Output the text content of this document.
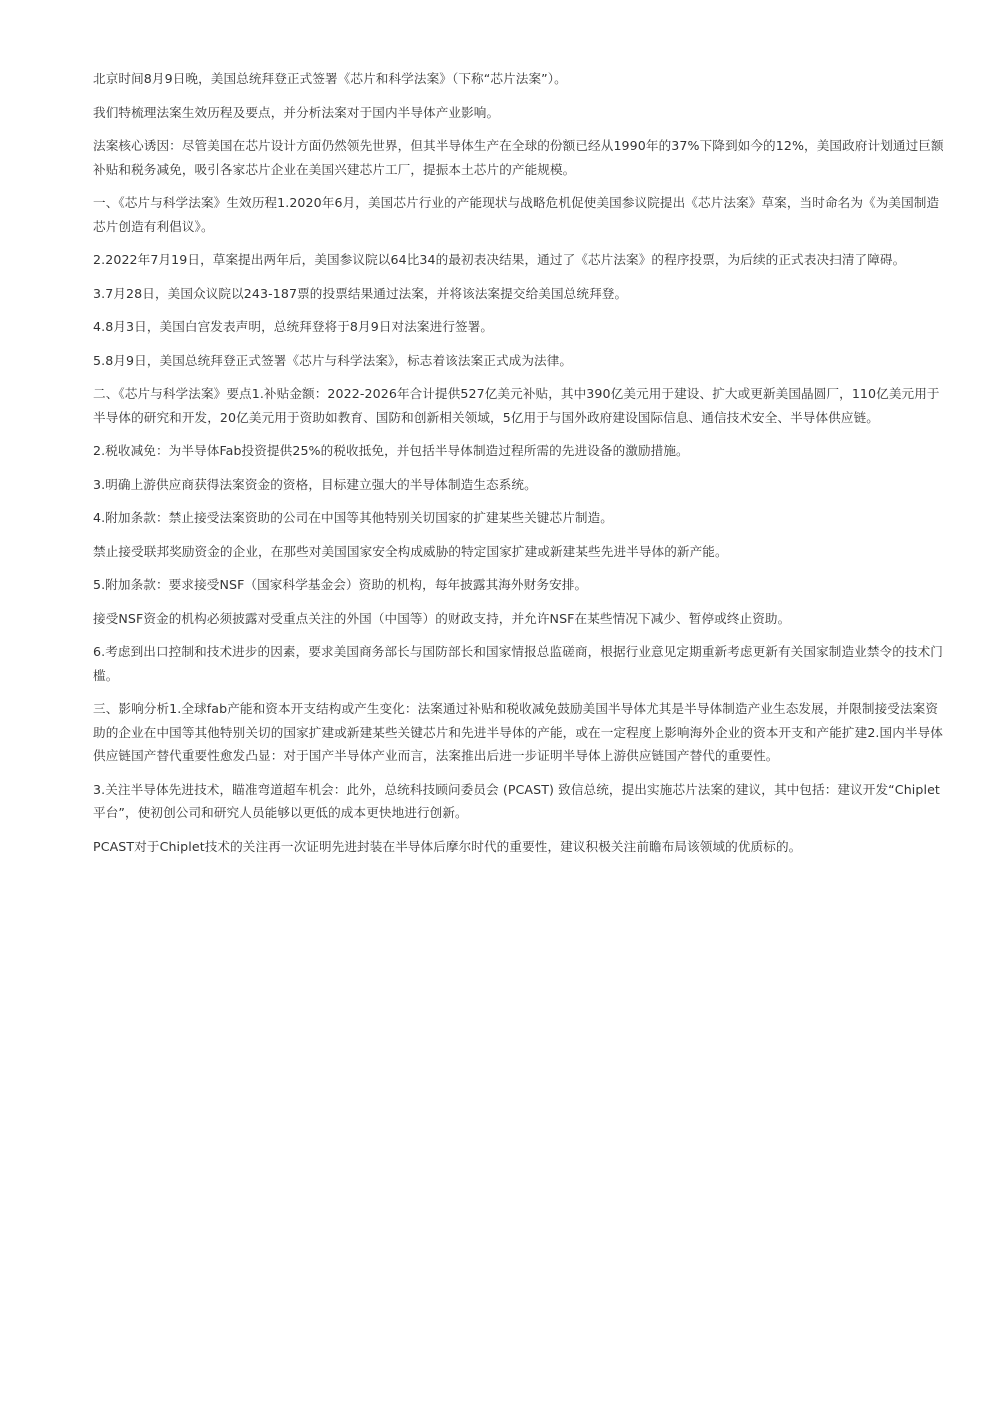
北京时间8月9日晚，美国总统拜登正式签署《芯片和科学法案》（下称“芯片法案”）。

我们特梳理法案生效历程及要点，并分析法案对于国内半导体产业影响。

法案核心诱因：尽管美国在芯片设计方面仍然领先世界，但其半导体生产在全球的份额已经从1990年的37%下降到如今的12%，美国政府计划通过巨额补贴和税务减免，吸引各家芯片企业在美国兴建芯片工厂，提振本土芯片的产能规模。

一、《芯片与科学法案》生效历程1.2020年6月，美国芯片行业的产能现状与战略危机促使美国参议院提出《芯片法案》草案，当时命名为《为美国制造芯片创造有利倡议》。

2.2022年7月19日，草案提出两年后，美国参议院以64比34的最初表决结果，通过了《芯片法案》的程序投票，为后续的正式表决扫清了障碍。

3.7月28日，美国众议院以243-187票的投票结果通过法案，并将该法案提交给美国总统拜登。

4.8月3日，美国白宫发表声明，总统拜登将于8月9日对法案进行签署。

5.8月9日，美国总统拜登正式签署《芯片与科学法案》，标志着该法案正式成为法律。

二、《芯片与科学法案》要点1.补贴金额：2022-2026年合计提供527亿美元补贴，其中390亿美元用于建设、扩大或更新美国晶圆厂，110亿美元用于半导体的研究和开发，20亿美元用于资助如教育、国防和创新相关领域，5亿用于与国外政府建设国际信息、通信技术安全、半导体供应链。

2.税收减免：为半导体Fab投资提供25%的税收抵免，并包括半导体制造过程所需的先进设备的激励措施。

3.明确上游供应商获得法案资金的资格，目标建立强大的半导体制造生态系统。

4.附加条款：禁止接受法案资助的公司在中国等其他特别关切国家的扩建某些关键芯片制造。

禁止接受联邦奖励资金的企业，在那些对美国国家安全构成威胁的特定国家扩建或新建某些先进半导体的新产能。

5.附加条款：要求接受NSF（国家科学基金会）资助的机构，每年披露其海外财务安排。

接受NSF资金的机构必须披露对受重点关注的外国（中国等）的财政支持，并允许NSF在某些情况下减少、暂停或终止资助。

6.考虑到出口控制和技术进步的因素，要求美国商务部长与国防部长和国家情报总监磋商，根据行业意见定期重新考虑更新有关国家制造业禁令的技术门槛。

三、影响分析1.全球fab产能和资本开支结构或产生变化：法案通过补贴和税收减免鼓励美国半导体尤其是半导体制造产业生态发展，并限制接受法案资助的企业在中国等其他特别关切的国家扩建或新建某些关键芯片和先进半导体的产能，或在一定程度上影响海外企业的资本开支和产能扩建2.国内半导体供应链国产替代重要性愈发凸显：对于国产半导体产业而言，法案推出后进一步证明半导体上游供应链国产替代的重要性。

3.关注半导体先进技术，瞄准弯道超车机会：此外，总统科技顾问委员会 (PCAST) 致信总统，提出实施芯片法案的建议，其中包括：建议开发“Chiplet平台”，使初创公司和研究人员能够以更低的成本更快地进行创新。

PCAST对于Chiplet技术的关注再一次证明先进封装在半导体后摩尔时代的重要性，建议积极关注前瞻布局该领域的优质标的。
